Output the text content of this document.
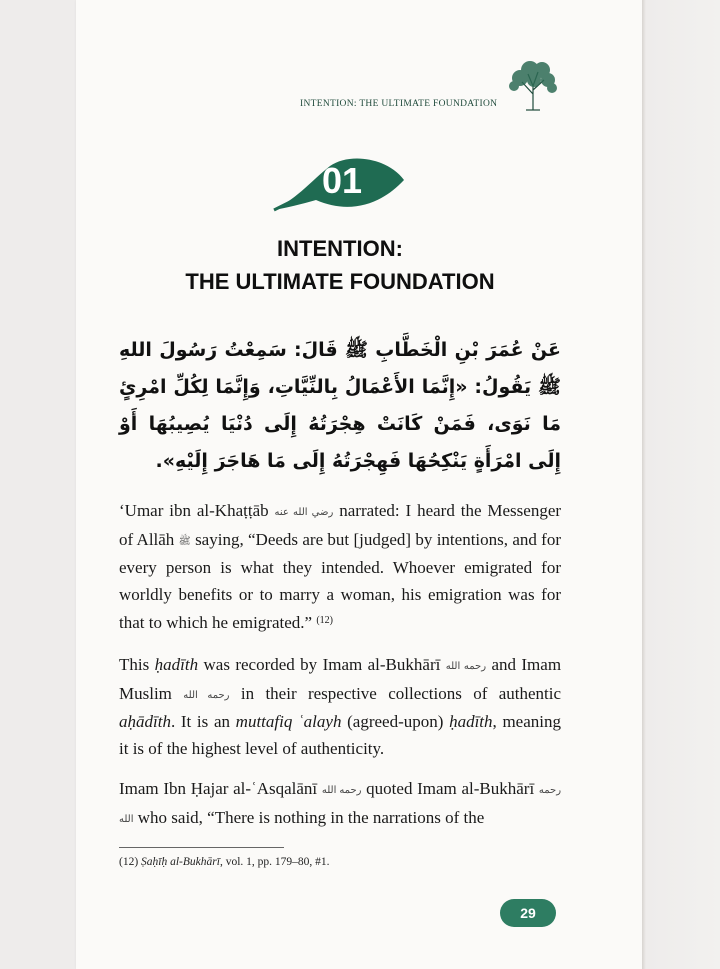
INTENTION: THE ULTIMATE FOUNDATION
01
INTENTION:
THE ULTIMATE FOUNDATION
عَنْ عُمَرَ بْنِ الْخَطَّابِ ﷺ قَالَ: سَمِعْتُ رَسُولَ اللهِ ﷺ يَقُولُ: «إِنَّمَا الأَعْمَالُ بِالنِّيَّاتِ، وَإِنَّمَا لِكُلِّ امْرِئٍ مَا نَوَى، فَمَنْ كَانَتْ هِجْرَتُهُ إِلَى دُنْيَا يُصِيبُهَا أَوْ إِلَى امْرَأَةٍ يَنْكِحُهَا فَهِجْرَتُهُ إِلَى مَا هَاجَرَ إِلَيْهِ».
‘Umar ibn al-Khaṭṭāb رضي الله عنه narrated: I heard the Messenger of Allāh ﷺ saying, “Deeds are but [judged] by intentions, and for every person is what they intended. Whoever emigrated for worldly benefits or to marry a woman, his emigration was for that to which he emigrated.” $^{(12)}$
This ḥadīth was recorded by Imam al-Bukhārī رحمه الله and Imam Muslim رحمه الله in their respective collections of authentic aḥādīth. It is an muttafiq ʿalayh (agreed-upon) ḥadīth, meaning it is of the highest level of authenticity.
Imam Ibn Ḥajar al-ʿAsqalānī رحمه الله quoted Imam al-Bukhārī رحمه الله who said, “There is nothing in the narrations of the
(12) Ṣaḥīḥ al-Bukhārī, vol. 1, pp. 179–80, #1.
29
